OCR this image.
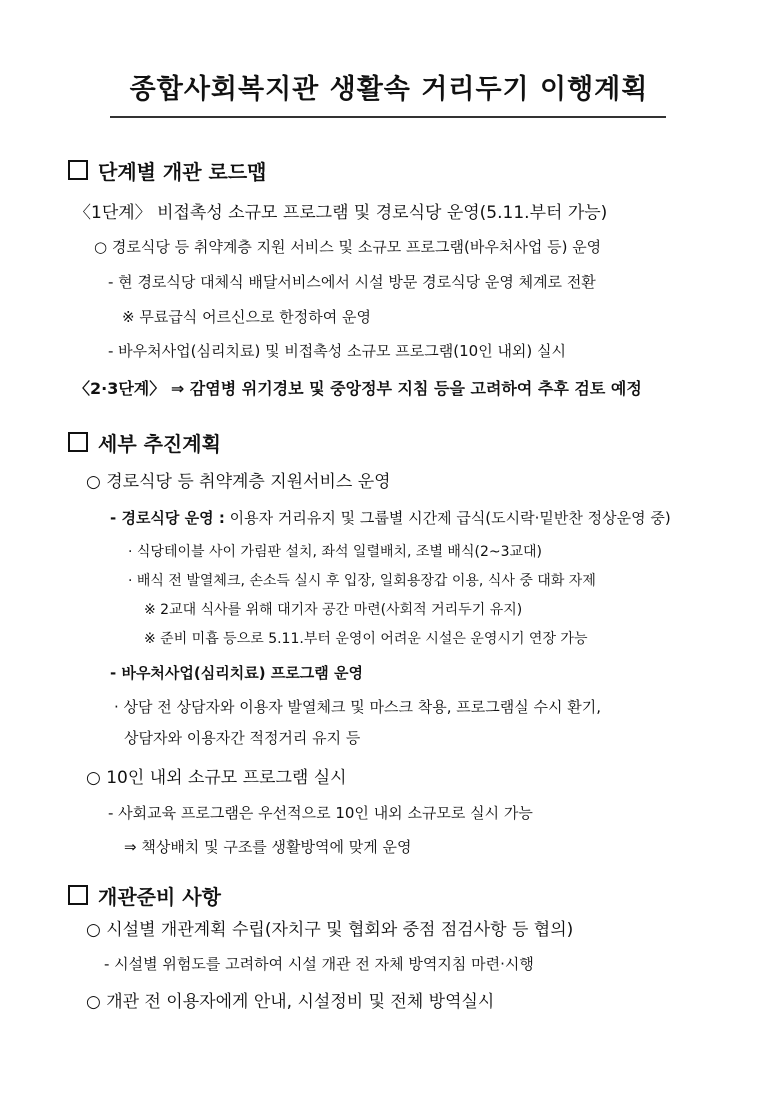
종합사회복지관 생활속 거리두기 이행계획
단계별 개관 로드맵
〈1단계〉 비접촉성 소규모 프로그램 및 경로식당 운영(5.11.부터 가능)
○ 경로식당 등 취약계층 지원 서비스 및 소규모 프로그램(바우처사업 등) 운영
- 현 경로식당 대체식 배달서비스에서 시설 방문 경로식당 운영 체계로 전환
※ 무료급식 어르신으로 한정하여 운영
- 바우처사업(심리치료) 및 비접촉성 소규모 프로그램(10인 내외) 실시
〈2·3단계〉 ⇒ 감염병 위기경보 및 중앙정부 지침 등을 고려하여 추후 검토 예정
세부 추진계획
○ 경로식당 등 취약계층 지원서비스 운영
- 경로식당 운영 : 이용자 거리유지 및 그룹별 시간제 급식(도시락·밑반찬 정상운영 중)
· 식당테이블 사이 가림판 설치, 좌석 일렬배치, 조별 배식(2~3교대)
· 배식 전 발열체크, 손소득 실시 후 입장, 일회용장갑 이용, 식사 중 대화 자제
※ 2교대 식사를 위해 대기자 공간 마련(사회적 거리두기 유지)
※ 준비 미흡 등으로 5.11.부터 운영이 어려운 시설은 운영시기 연장 가능
- 바우처사업(심리치료) 프로그램 운영
· 상담 전 상담자와 이용자 발열체크 및 마스크 착용, 프로그램실 수시 환기,
상담자와 이용자간 적정거리 유지 등
○ 10인 내외 소규모 프로그램 실시
- 사회교육 프로그램은 우선적으로 10인 내외 소규모로 실시 가능
⇒ 책상배치 및 구조를 생활방역에 맞게 운영
개관준비 사항
○ 시설별 개관계획 수립(자치구 및 협회와 중점 점검사항 등 협의)
- 시설별 위험도를 고려하여 시설 개관 전 자체 방역지침 마련·시행
○ 개관 전 이용자에게 안내, 시설정비 및 전체 방역실시
